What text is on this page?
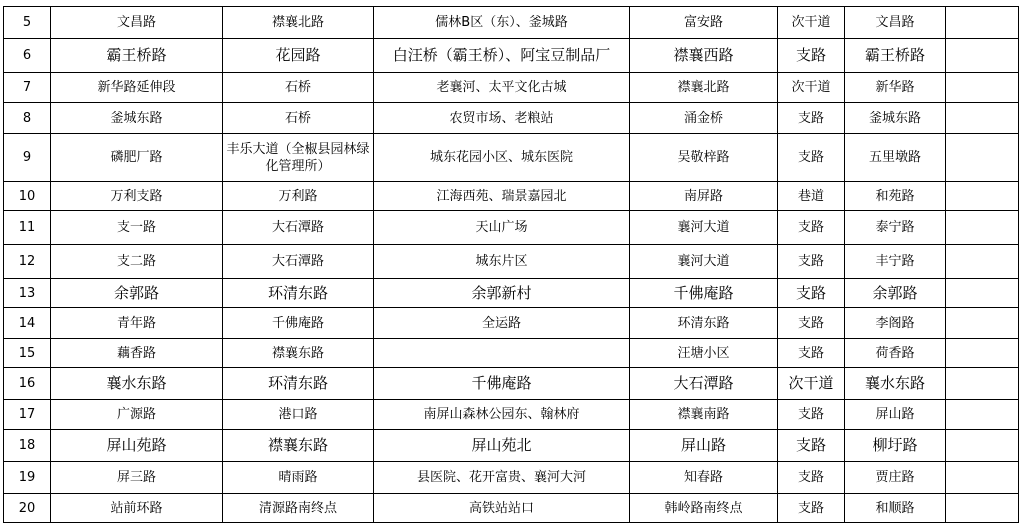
5	文昌路	襟襄北路	儒林B区（东）、釜城路	富安路	次干道	文昌路	
6	霸王桥路	花园路	白汪桥（霸王桥）、阿宝豆制品厂	襟襄西路	支路	霸王桥路	
7	新华路延伸段	石桥	老襄河、太平文化古城	襟襄北路	次干道	新华路	
8	釜城东路	石桥	农贸市场、老粮站	涌金桥	支路	釜城东路	
9	磷肥厂路	丰乐大道（全椒县园林绿化管理所）	城东花园小区、城东医院	吴敬梓路	支路	五里墩路	
10	万利支路	万利路	江海西苑、瑞景嘉园北	南屏路	巷道	和苑路	
11	支一路	大石潭路	天山广场	襄河大道	支路	泰宁路	
12	支二路	大石潭路	城东片区	襄河大道	支路	丰宁路	
13	余郭路	环清东路	余郭新村	千佛庵路	支路	余郭路	
14	青年路	千佛庵路	全运路	环清东路	支路	李阁路	
15	藕香路	襟襄东路		汪塘小区	支路	荷香路	
16	襄水东路	环清东路	千佛庵路	大石潭路	次干道	襄水东路	
17	广源路	港口路	南屏山森林公园东、翰林府	襟襄南路	支路	屏山路	
18	屏山苑路	襟襄东路	屏山苑北	屏山路	支路	柳圩路	
19	屏三路	晴雨路	县医院、花开富贵、襄河大河	知春路	支路	贾庄路	
20	站前环路	清源路南终点	高铁站站口	韩岭路南终点	支路	和顺路	
